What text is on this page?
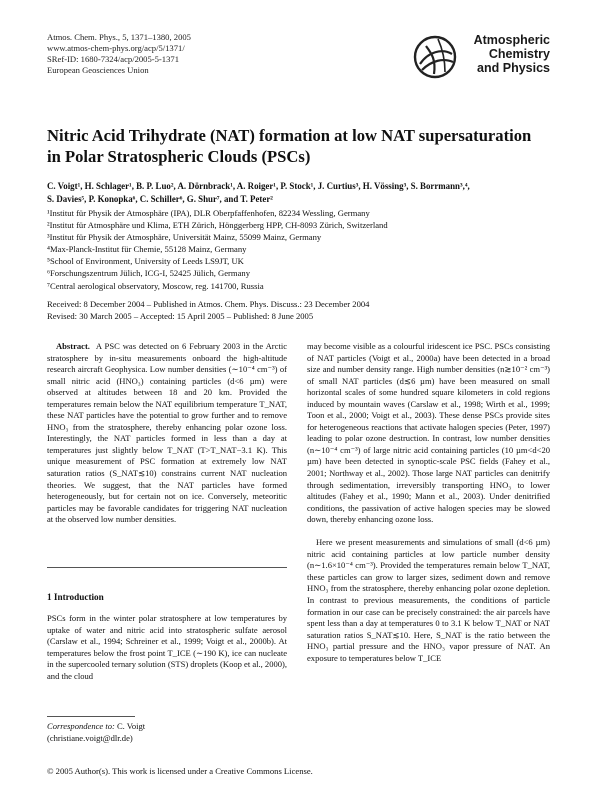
Atmos. Chem. Phys., 5, 1371–1380, 2005
www.atmos-chem-phys.org/acp/5/1371/
SRef-ID: 1680-7324/acp/2005-5-1371
European Geosciences Union
Atmospheric
Chemistry
and Physics
Nitric Acid Trihydrate (NAT) formation at low NAT supersaturation
in Polar Stratospheric Clouds (PSCs)
C. Voigt¹, H. Schlager¹, B. P. Luo², A. Dörnbrack¹, A. Roiger¹, P. Stock¹, J. Curtius³, H. Vössing³, S. Borrmann³,⁴,
S. Davies⁵, P. Konopka⁶, C. Schiller⁶, G. Shur⁷, and T. Peter²
¹Institut für Physik der Atmosphäre (IPA), DLR Oberpfaffenhofen, 82234 Wessling, Germany
²Institut für Atmosphäre und Klima, ETH Zürich, Hönggerberg HPP, CH-8093 Zürich, Switzerland
³Institut für Physik der Atmosphäre, Universität Mainz, 55099 Mainz, Germany
⁴Max-Planck-Institut für Chemie, 55128 Mainz, Germany
⁵School of Environment, University of Leeds LS9JT, UK
⁶Forschungszentrum Jülich, ICG-I, 52425 Jülich, Germany
⁷Central aerological observatory, Moscow, reg. 141700, Russia
Received: 8 December 2004 – Published in Atmos. Chem. Phys. Discuss.: 23 December 2004
Revised: 30 March 2005 – Accepted: 15 April 2005 – Published: 8 June 2005

Abstract. A PSC was detected on 6 February 2003 in the Arctic stratosphere by in-situ measurements onboard the high-altitude research aircraft Geophysica. Low number densities (∼10⁻⁴ cm⁻³) of small nitric acid (HNO₃) containing particles (d<6 µm) were observed at altitudes between 18 and 20 km. Provided the temperatures remain below the NAT equilibrium temperature T_NAT, these NAT particles have the potential to grow further and to remove HNO₃ from the stratosphere, thereby enhancing polar ozone loss. Interestingly, the NAT particles formed in less than a day at temperatures just slightly below T_NAT (T>T_NAT−3.1 K). This unique measurement of PSC formation at extremely low NAT saturation ratios (S_NAT≲10) constrains current NAT nucleation theories. We suggest, that the NAT particles have formed heterogeneously, but for certain not on ice. Conversely, meteoritic particles may be favorable candidates for triggering NAT nucleation at the observed low number densities.

1 Introduction

PSCs form in the winter polar stratosphere at low temperatures by uptake of water and nitric acid into stratospheric sulfate aerosol (Carslaw et al., 1994; Schreiner et al., 1999; Voigt et al., 2000b). At temperatures below the frost point T_ICE (∼190 K), ice can nucleate in the supercooled ternary solution (STS) droplets (Koop et al., 2000), and the cloud

may become visible as a colourful iridescent ice PSC. PSCs consisting of NAT particles (Voigt et al., 2000a) have been detected in a broad size and number density range. High number densities (n≳10⁻² cm⁻³) of small NAT particles (d≲6 µm) have been measured on small horizontal scales of some hundred square kilometers in cold regions induced by mountain waves (Carslaw et al., 1998; Wirth et al., 1999; Toon et al., 2000; Voigt et al., 2003). These dense PSCs provide sites for heterogeneous reactions that activate halogen species (Peter, 1997) leading to polar ozone destruction. In contrast, low number densities (n∼10⁻⁴ cm⁻³) of large nitric acid containing particles (10 µm<d<20 µm) have been detected in synoptic-scale PSC fields (Fahey et al., 2001; Northway et al., 2002). Those large NAT particles can denitrify through sedimentation, irreversibly transporting HNO₃ to lower altitudes (Fahey et al., 1990; Mann et al., 2003). Under denitrified conditions, the passivation of active halogen species may be slowed down, thereby enhancing ozone loss.

Here we present measurements and simulations of small (d<6 µm) nitric acid containing particles at low particle number density (n∼1.6×10⁻⁴ cm⁻³). Provided the temperatures remain below T_NAT, these particles can grow to larger sizes, sediment down and remove HNO₃ from the stratosphere, thereby enhancing polar ozone depletion. In contrast to previous measurements, the conditions of particle formation in our case can be precisely constrained: the air parcels have spent less than a day at temperatures 0 to 3.1 K below T_NAT or NAT saturation ratios S_NAT≲10. Here, S_NAT is the ratio between the HNO₃ partial pressure and the HNO₃ vapor pressure of NAT. An exposure to temperatures below T_ICE

Correspondence to: C. Voigt
(christiane.voigt@dlr.de)
© 2005 Author(s). This work is licensed under a Creative Commons License.
